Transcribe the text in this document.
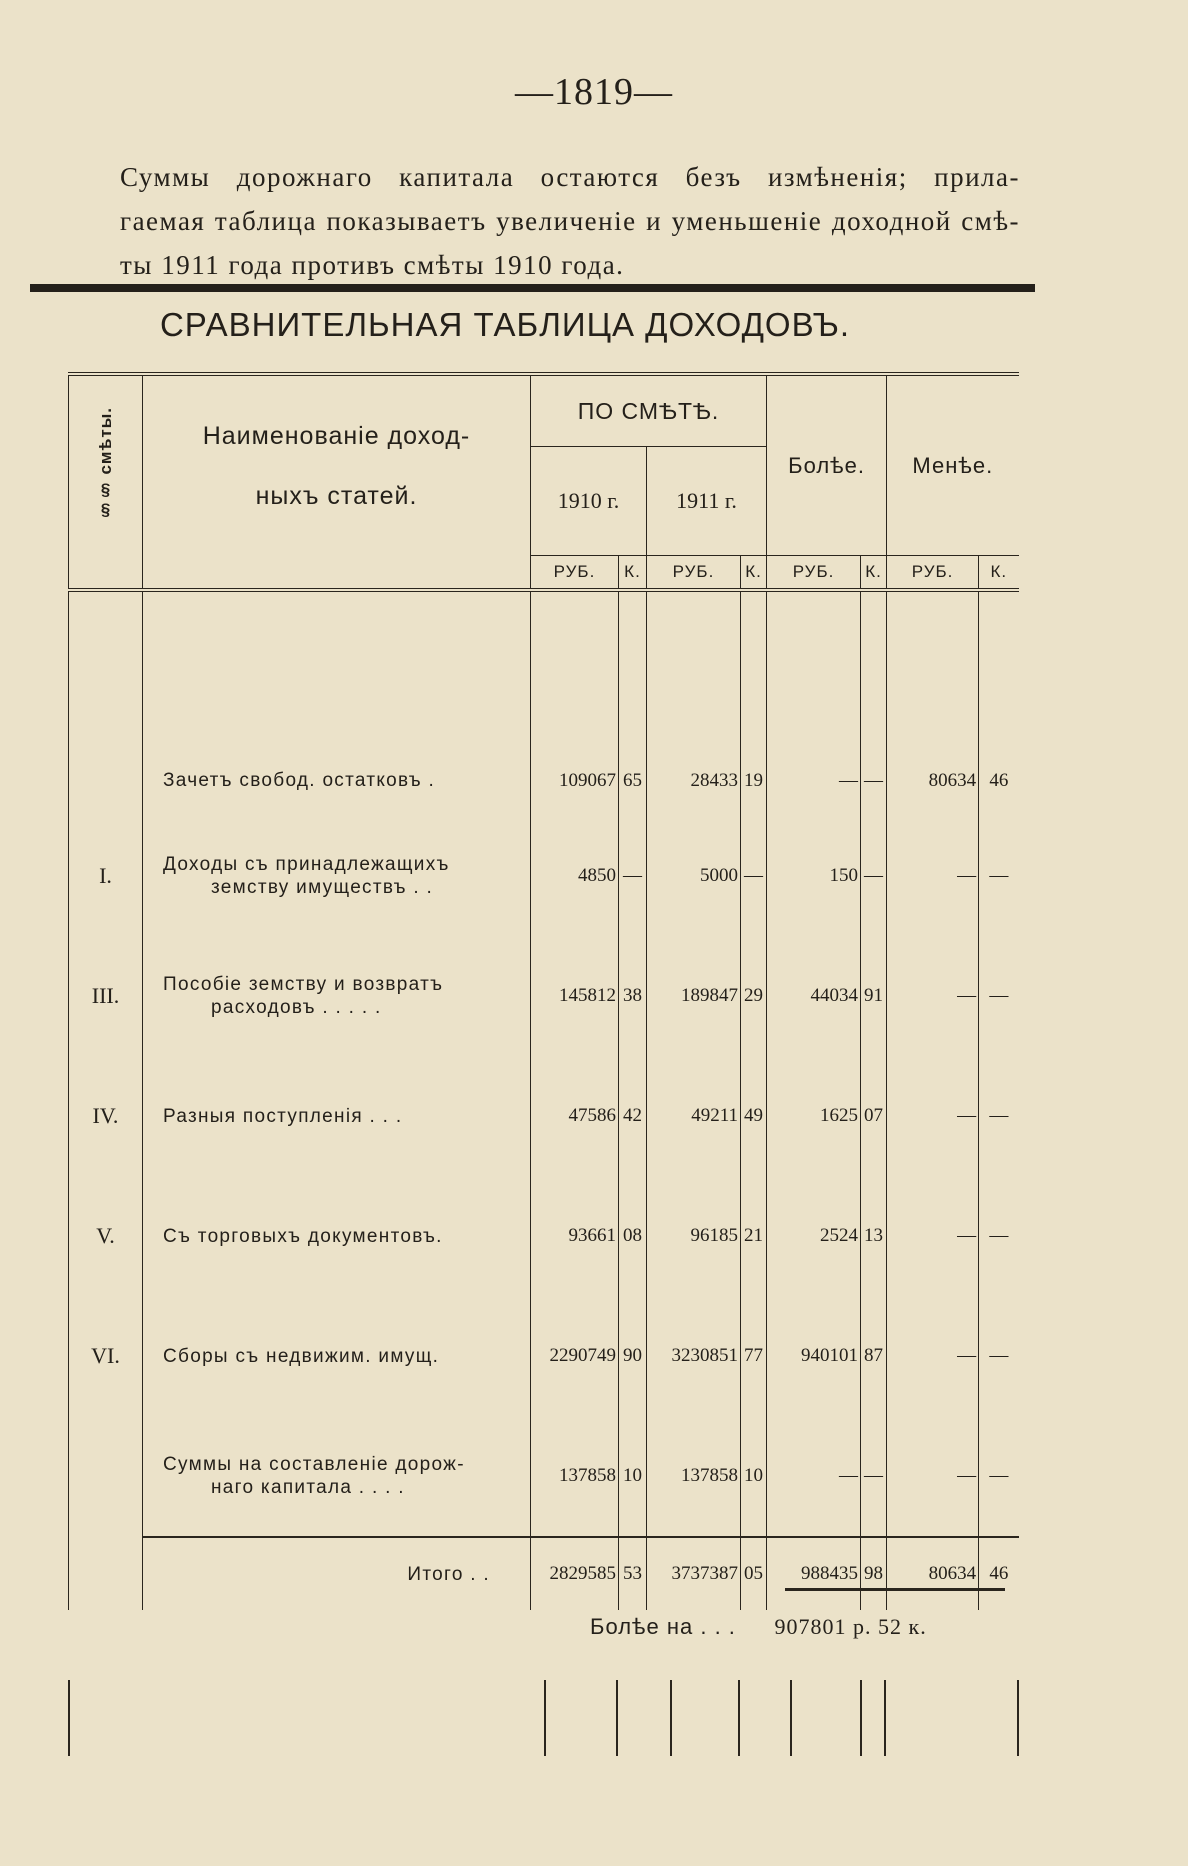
—1819—
Суммы дорожнаго капитала остаются безъ измѣненія; прила-
гаемая таблица показываетъ увеличеніе и уменьшеніе доходной смѣ-
ты 1911 года противъ смѣты 1910 года.
СРАВНИТЕЛЬНАЯ ТАБЛИЦА ДОХОДОВЪ.
§§ смѣты.	Наименованіе доход-
ныхъ статей.	ПО СМѢТѢ.				Болѣе.		Менѣе.	
		1910 г.		1911 г.					
		РУБ.	К.	РУБ.	К.	РУБ.	К.	РУБ.	К.
	Зачетъ свобод. остатковъ .	109067	65	28433	19	—	—	80634	46
I.	Доходы съ принадлежащихъ
земству имуществъ . .	4850	—	5000	—	150	—	—	—
III.	Пособіе земству и возвратъ
расходовъ . . . . .	145812	38	189847	29	44034	91	—	—
IV.	Разныя поступленія . . .	47586	42	49211	49	1625	07	—	—
V.	Съ торговыхъ документовъ.	93661	08	96185	21	2524	13	—	—
VI.	Сборы съ недвижим. имущ.	2290749	90	3230851	77	940101	87	—	—
	Суммы на составленіе дорож-
наго капитала . . . .	137858	10	137858	10	—	—	—	—
	Итого . .	2829585	53	3737387	05	988435	98	80634	46
Болѣе на . . . 907801 р. 52 к.
